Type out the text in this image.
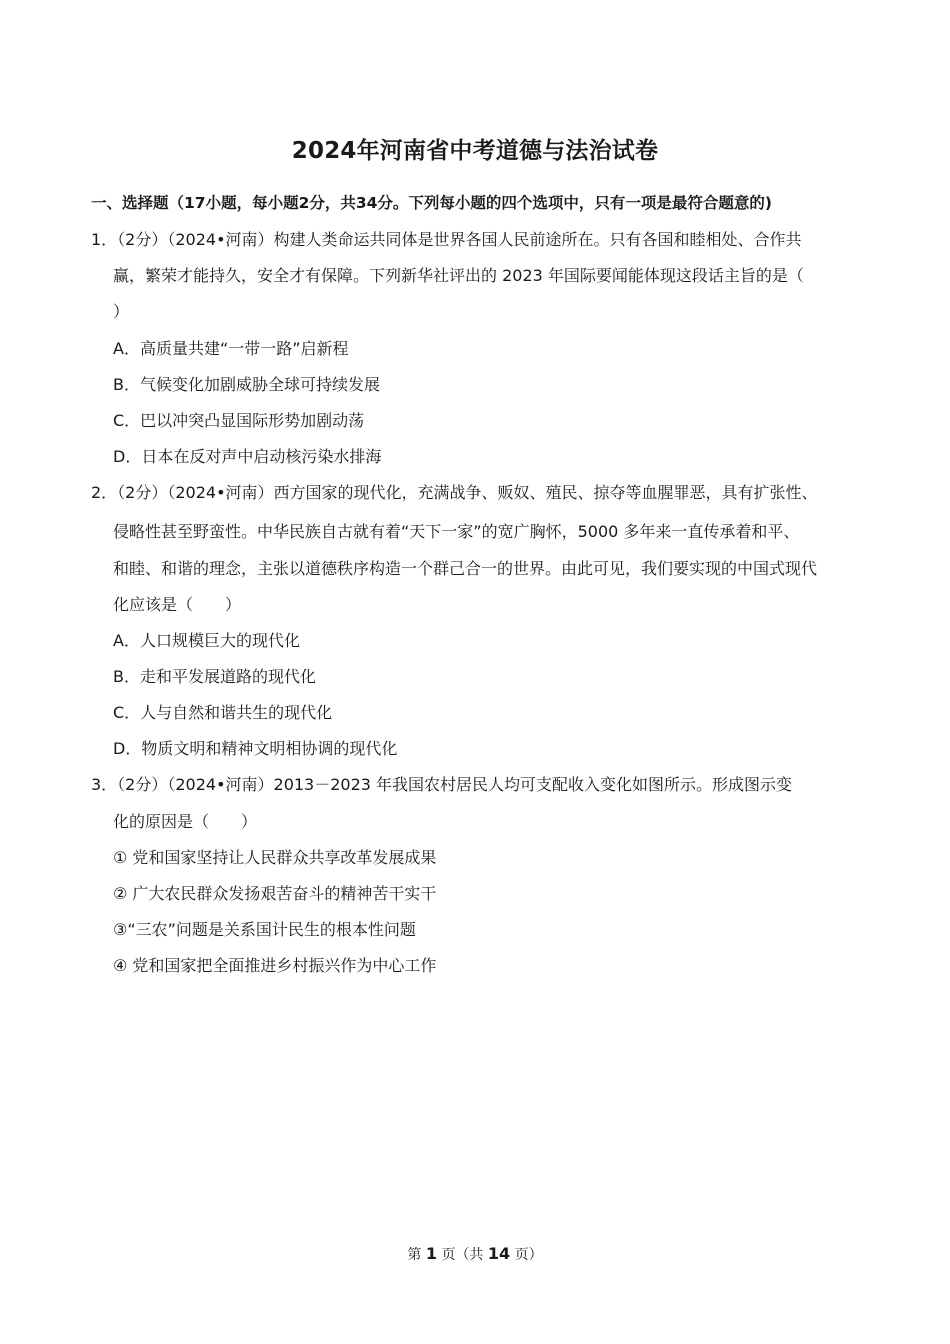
2024年河南省中考道德与法治试卷
一、选择题（17小题，每小题2分，共34分。下列每小题的四个选项中，只有一项是最符合题意的)
1．（2分）（2024•河南）构建人类命运共同体是世界各国人民前途所在。只有各国和睦相处、合作共
赢，繁荣才能持久，安全才有保障。下列新华社评出的 2023 年国际要闻能体现这段话主旨的是（
）
A．高质量共建“一带一路”启新程
B．气候变化加剧威胁全球可持续发展
C．巴以冲突凸显国际形势加剧动荡
D．日本在反对声中启动核污染水排海
2．（2分）（2024•河南）西方国家的现代化，充满战争、贩奴、殖民、掠夺等血腥罪恶，具有扩张性、
侵略性甚至野蛮性。中华民族自古就有着“天下一家”的宽广胸怀，5000 多年来一直传承着和平、
和睦、和谐的理念，主张以道德秩序构造一个群己合一的世界。由此可见，我们要实现的中国式现代
化应该是（　　）
A．人口规模巨大的现代化
B．走和平发展道路的现代化
C．人与自然和谐共生的现代化
D．物质文明和精神文明相协调的现代化
3．（2分）（2024•河南）2013－2023 年我国农村居民人均可支配收入变化如图所示。形成图示变
化的原因是（　　）
① 党和国家坚持让人民群众共享改革发展成果
② 广大农民群众发扬艰苦奋斗的精神苦干实干
③“三农”问题是关系国计民生的根本性问题
④ 党和国家把全面推进乡村振兴作为中心工作
第 1 页（共 14 页）
